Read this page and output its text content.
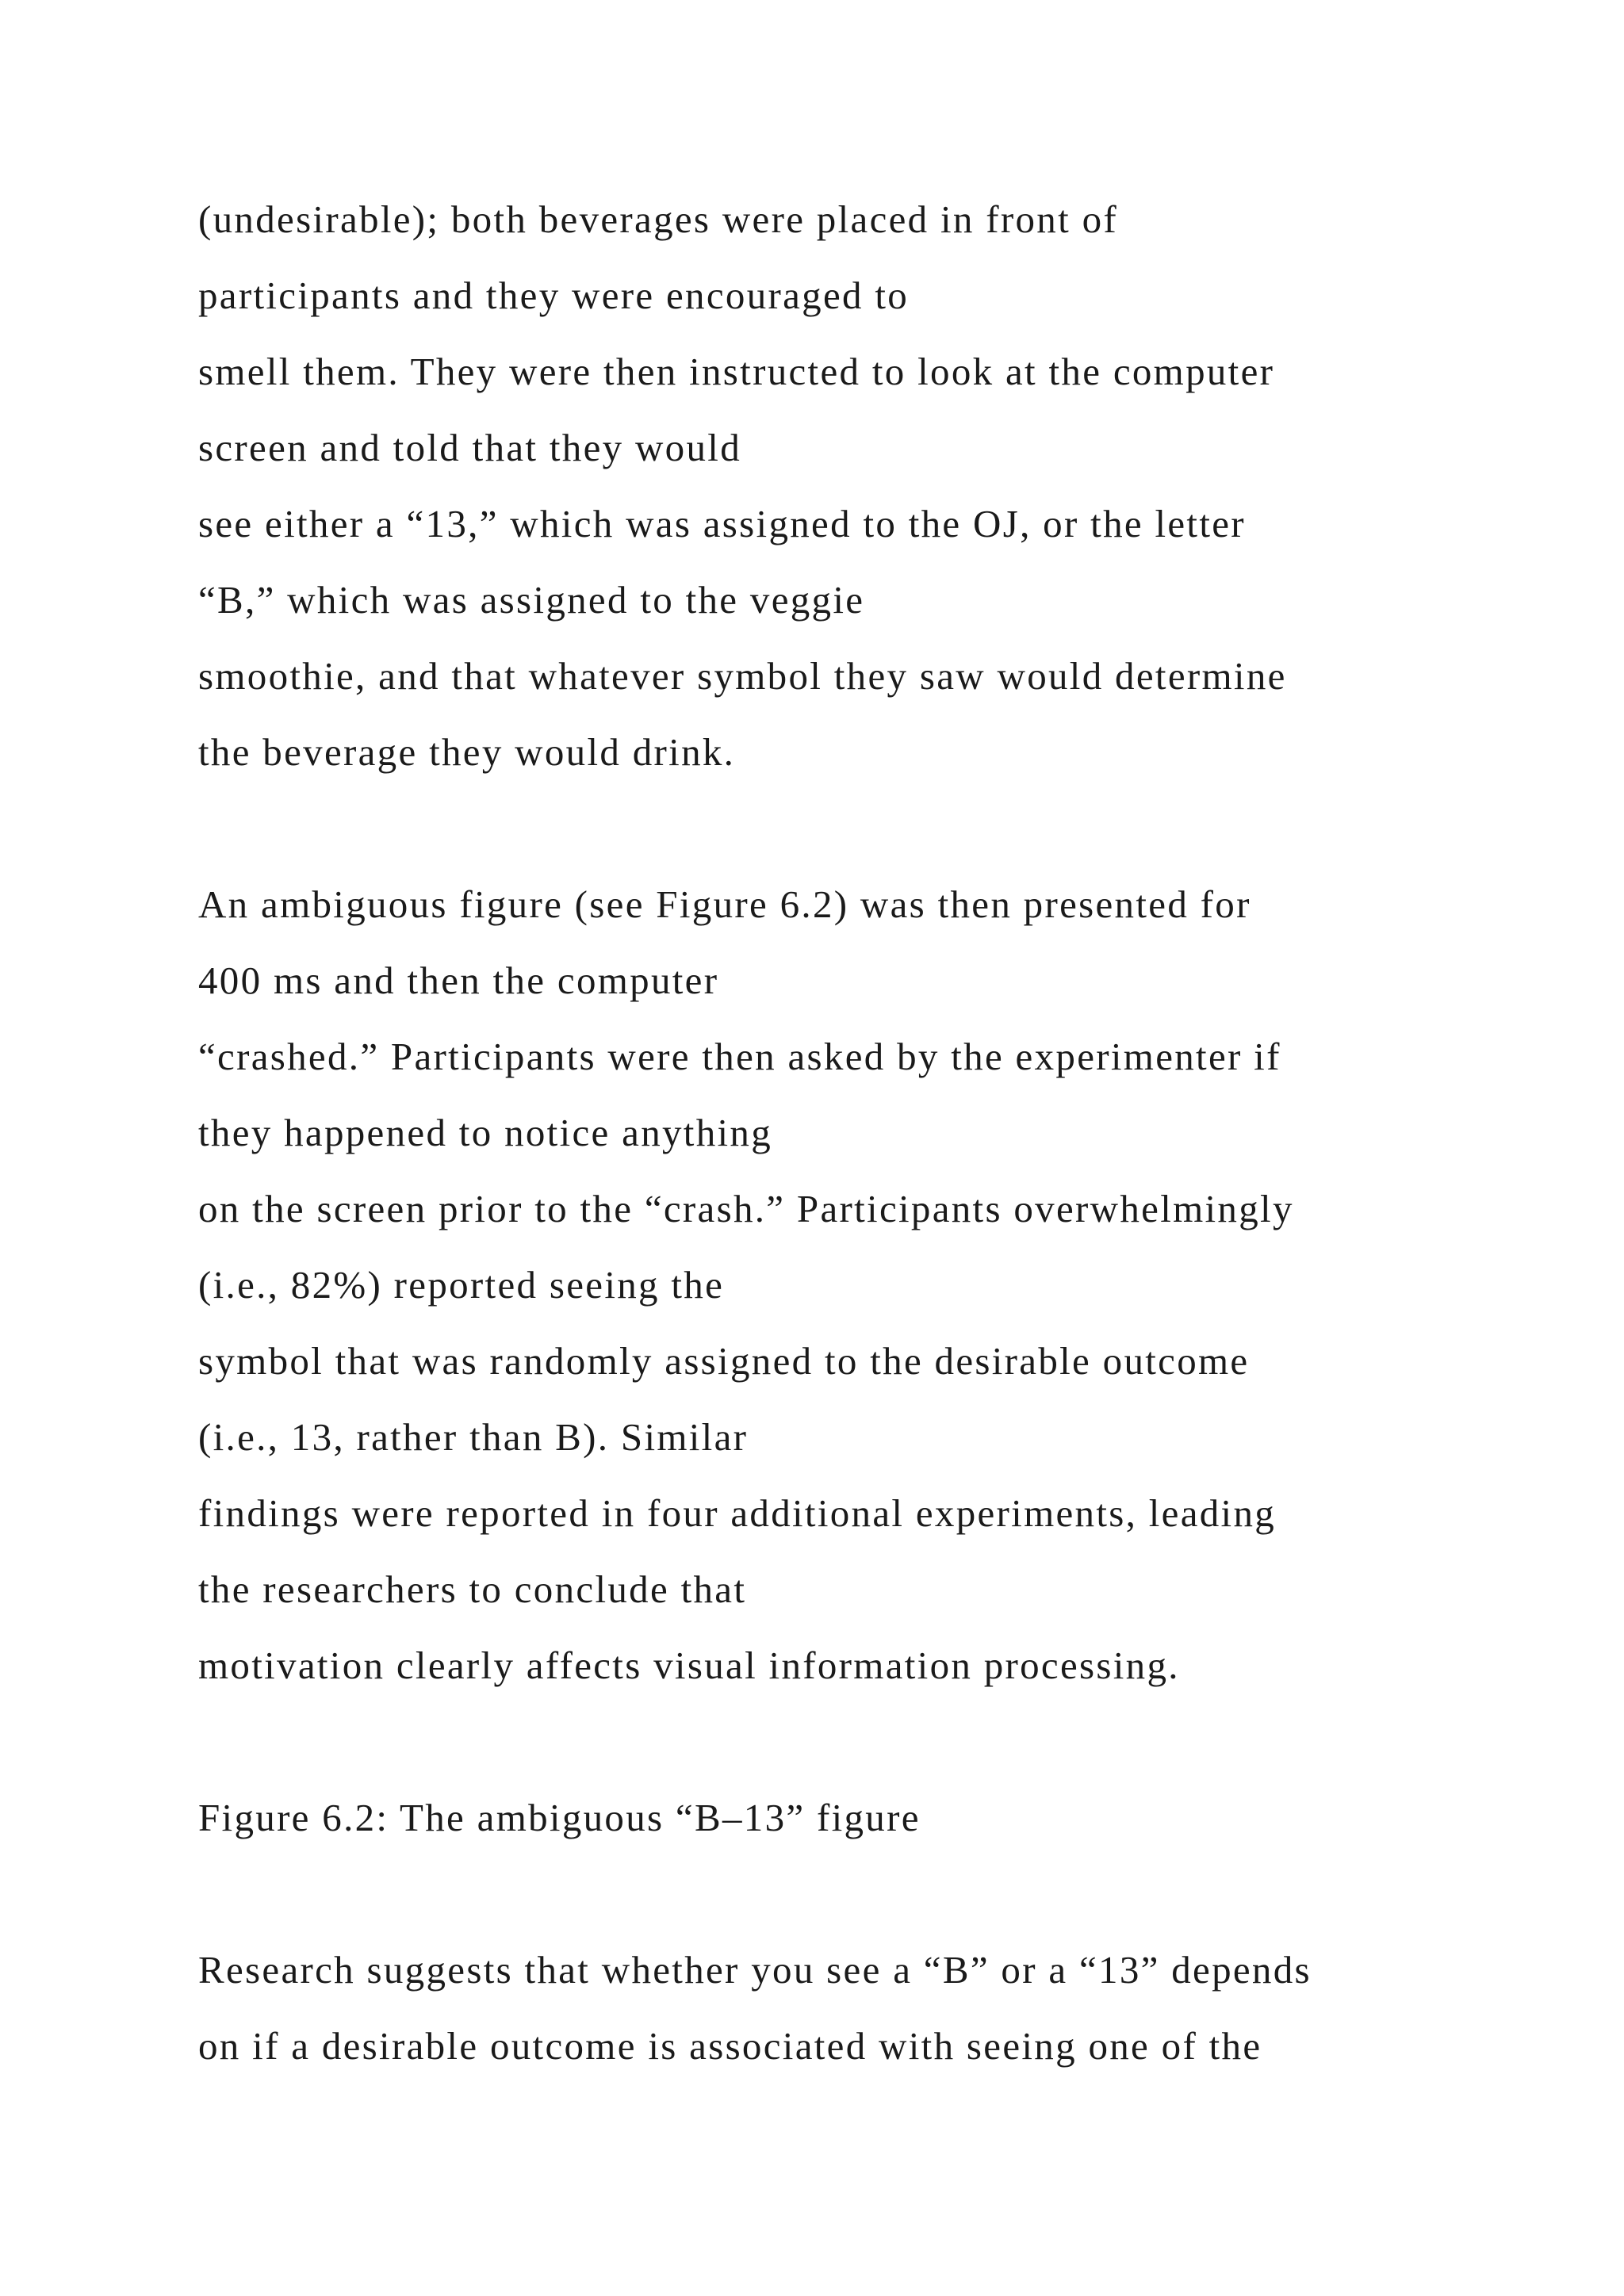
(undesirable); both beverages were placed in front of
participants and they were encouraged to
smell them. They were then instructed to look at the computer
screen and told that they would
see either a “13,” which was assigned to the OJ, or the letter
“B,” which was assigned to the veggie
smoothie, and that whatever symbol they saw would determine
the beverage they would drink.
An ambiguous figure (see Figure 6.2) was then presented for
400 ms and then the computer
“crashed.” Participants were then asked by the experimenter if
they happened to notice anything
on the screen prior to the “crash.” Participants overwhelmingly
(i.e., 82%) reported seeing the
symbol that was randomly assigned to the desirable outcome
(i.e., 13, rather than B). Similar
findings were reported in four additional experiments, leading
the researchers to conclude that
motivation clearly affects visual information processing.
Figure 6.2: The ambiguous “B–13” figure
Research suggests that whether you see a “B” or a “13” depends
on if a desirable outcome is associated with seeing one of the
